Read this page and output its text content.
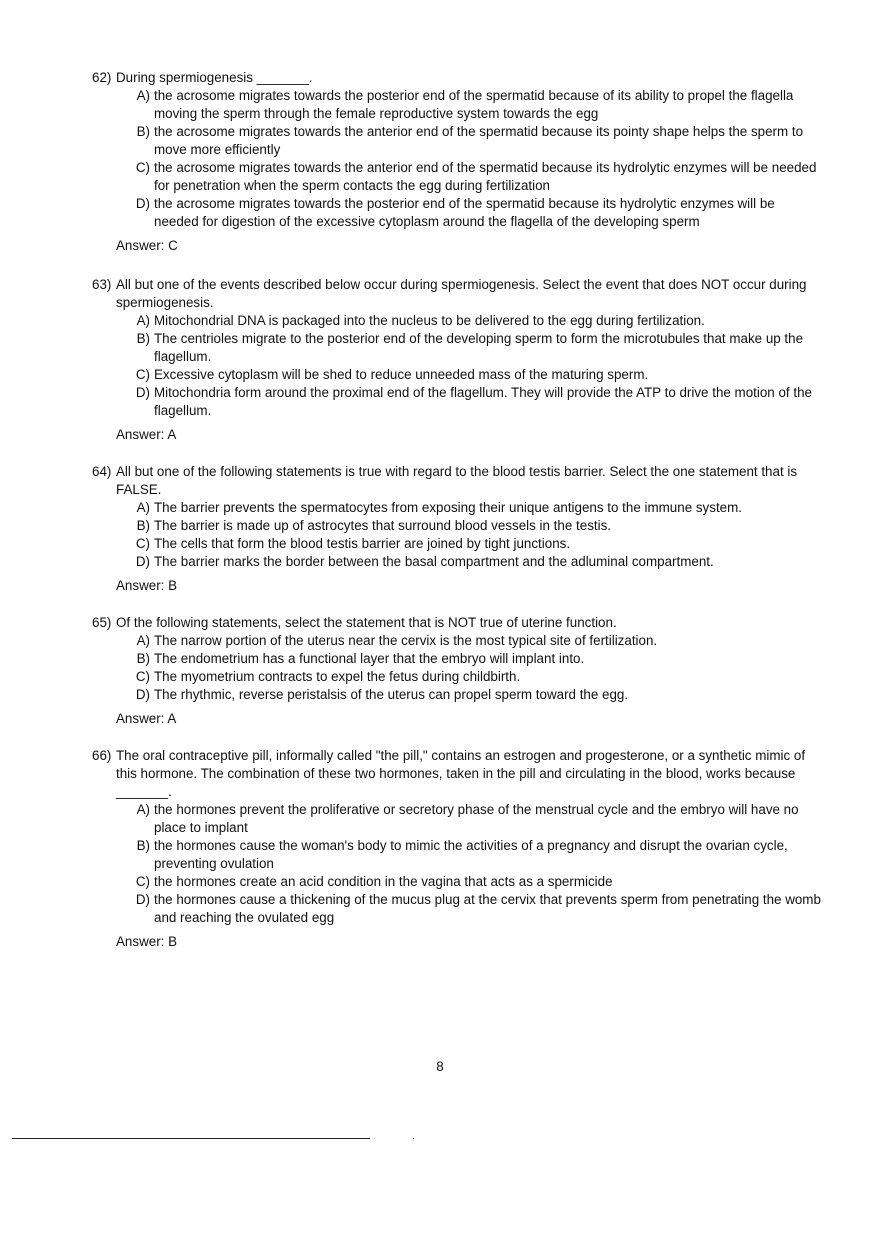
62) During spermiogenesis _______.
A) the acrosome migrates towards the posterior end of the spermatid because of its ability to propel the flagella moving the sperm through the female reproductive system towards the egg
B) the acrosome migrates towards the anterior end of the spermatid because its pointy shape helps the sperm to move more efficiently
C) the acrosome migrates towards the anterior end of the spermatid because its hydrolytic enzymes will be needed for penetration when the sperm contacts the egg during fertilization
D) the acrosome migrates towards the posterior end of the spermatid because its hydrolytic enzymes will be needed for digestion of the excessive cytoplasm around the flagella of the developing sperm
Answer: C
63) All but one of the events described below occur during spermiogenesis. Select the event that does NOT occur during spermiogenesis.
A) Mitochondrial DNA is packaged into the nucleus to be delivered to the egg during fertilization.
B) The centrioles migrate to the posterior end of the developing sperm to form the microtubules that make up the flagellum.
C) Excessive cytoplasm will be shed to reduce unneeded mass of the maturing sperm.
D) Mitochondria form around the proximal end of the flagellum. They will provide the ATP to drive the motion of the flagellum.
Answer: A
64) All but one of the following statements is true with regard to the blood testis barrier. Select the one statement that is FALSE.
A) The barrier prevents the spermatocytes from exposing their unique antigens to the immune system.
B) The barrier is made up of astrocytes that surround blood vessels in the testis.
C) The cells that form the blood testis barrier are joined by tight junctions.
D) The barrier marks the border between the basal compartment and the adluminal compartment.
Answer: B
65) Of the following statements, select the statement that is NOT true of uterine function.
A) The narrow portion of the uterus near the cervix is the most typical site of fertilization.
B) The endometrium has a functional layer that the embryo will implant into.
C) The myometrium contracts to expel the fetus during childbirth.
D) The rhythmic, reverse peristalsis of the uterus can propel sperm toward the egg.
Answer: A
66) The oral contraceptive pill, informally called "the pill," contains an estrogen and progesterone, or a synthetic mimic of this hormone. The combination of these two hormones, taken in the pill and circulating in the blood, works because _______.
A) the hormones prevent the proliferative or secretory phase of the menstrual cycle and the embryo will have no place to implant
B) the hormones cause the woman's body to mimic the activities of a pregnancy and disrupt the ovarian cycle, preventing ovulation
C) the hormones create an acid condition in the vagina that acts as a spermicide
D) the hormones cause a thickening of the mucus plug at the cervix that prevents sperm from penetrating the womb and reaching the ovulated egg
Answer: B
8
.
